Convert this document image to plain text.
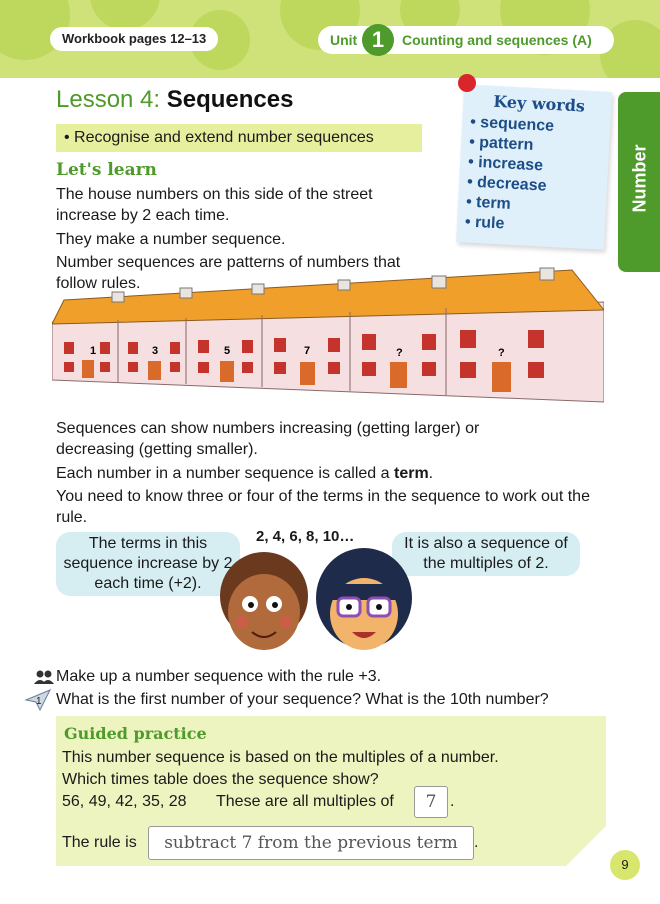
Workbook pages 12–13	Unit 1	Counting and sequences (A)
Lesson 4: Sequences
• Recognise and extend number sequences
Key words
• sequence
• pattern
• increase
• decrease
• term
• rule
Number
Let's learn
The house numbers on this side of the street increase by 2 each time.
They make a number sequence.
Number sequences are patterns of numbers that follow rules.
1	3	5	7	?	?
Sequences can show numbers increasing (getting larger) or decreasing (getting smaller).
Each number in a number sequence is called a term.
You need to know three or four of the terms in the sequence to work out the rule.
The terms in this sequence increase by 2 each time (+2).
It is also a sequence of the multiples of 2.
2, 4, 6, 8, 10…
Make up a number sequence with the rule +3.
1 What is the first number of your sequence? What is the 10th number?
Guided practice
This number sequence is based on the multiples of a number.
Which times table does the sequence show?
56, 49, 42, 35, 28 These are all multiples of	7 .
The rule is	subtract 7 from the previous term	.
9
